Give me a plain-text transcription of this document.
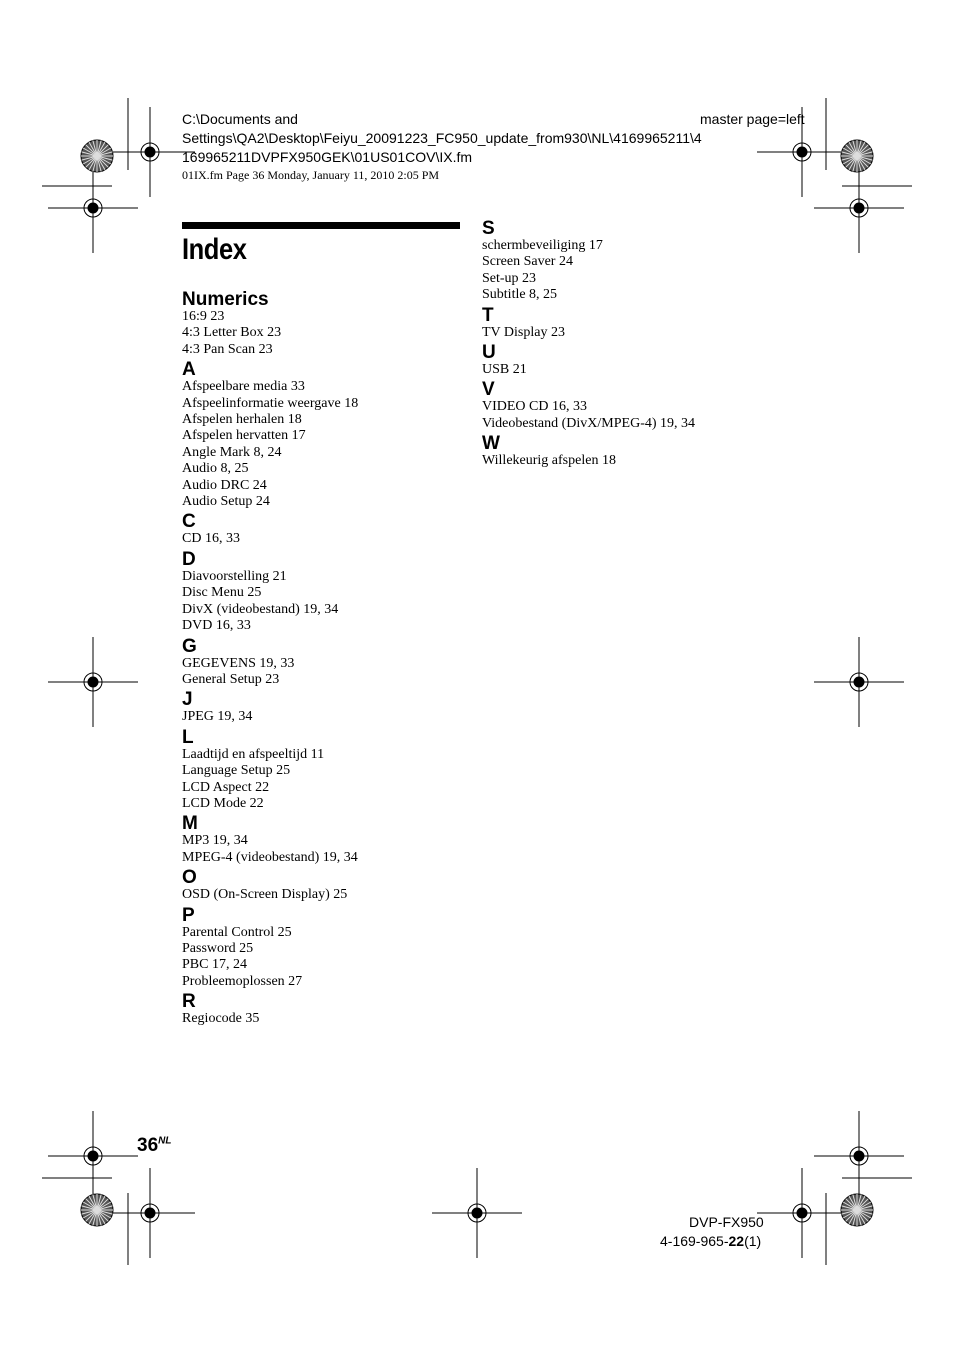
C:\Documents and
Settings\QA2\Desktop\Feiyu_20091223_FC950_update_from930\NL\4169965211\4
169965211DVPFX950GEK\01US01COV\IX.fm
01IX.fm Page 36 Monday, January 11, 2010 2:05 PM
master page=left
Index
Numerics
16:9 23
4:3 Letter Box 23
4:3 Pan Scan 23
A
Afspeelbare media 33
Afspeelinformatie weergave 18
Afspelen herhalen 18
Afspelen hervatten 17
Angle Mark 8, 24
Audio 8, 25
Audio DRC 24
Audio Setup 24
C
CD 16, 33
D
Diavoorstelling 21
Disc Menu 25
DivX (videobestand) 19, 34
DVD 16, 33
G
GEGEVENS 19, 33
General Setup 23
J
JPEG 19, 34
L
Laadtijd en afspeeltijd 11
Language Setup 25
LCD Aspect 22
LCD Mode 22
M
MP3 19, 34
MPEG-4 (videobestand) 19, 34
O
OSD (On-Screen Display) 25
P
Parental Control 25
Password 25
PBC 17, 24
Probleemoplossen 27
R
Regiocode 35
S
schermbeveiliging 17
Screen Saver 24
Set-up 23
Subtitle 8, 25
T
TV Display 23
U
USB 21
V
VIDEO CD 16, 33
Videobestand (DivX/MPEG-4) 19, 34
W
Willekeurig afspelen 18
$36^{NL}$
DVP-FX950
4-169-965-22(1)
